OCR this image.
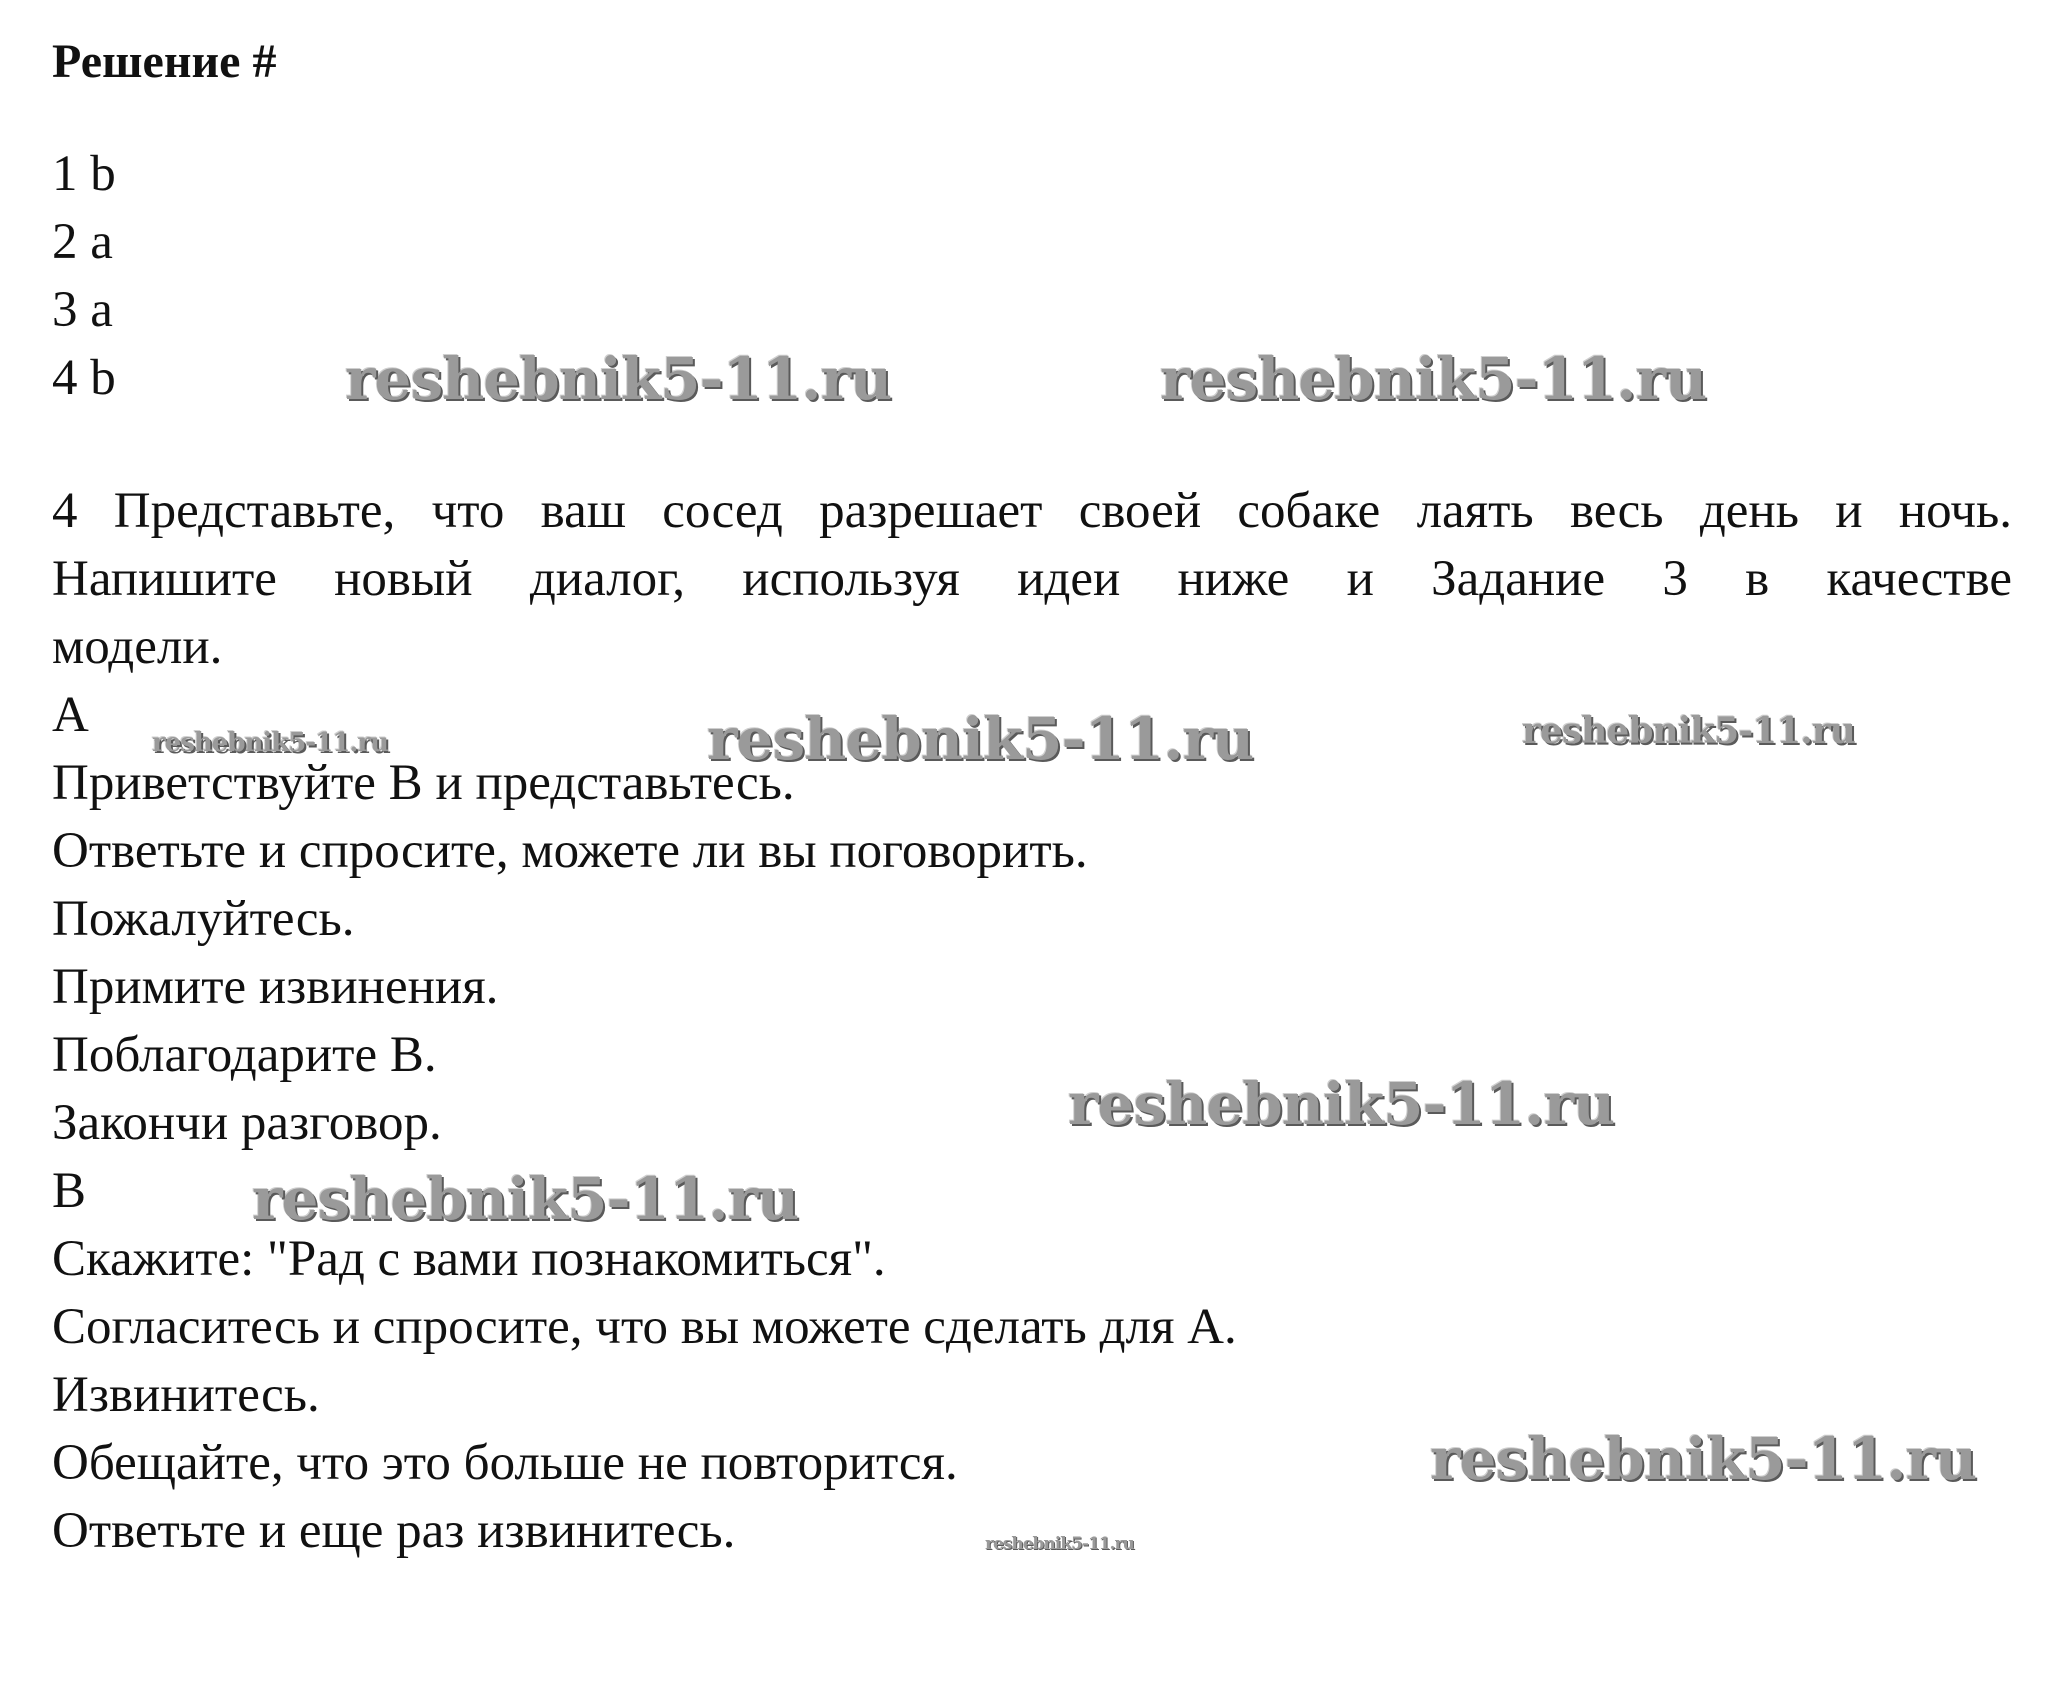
Решение #
1 b
2 a
3 a
4 b
4 Представьте, что ваш сосед разрешает своей собаке лаять весь день и ночь.
Напишите новый диалог, используя идеи ниже и Задание 3 в качестве
модели.
A
Приветствуйте B и представьтесь.
Ответьте и спросите, можете ли вы поговорить.
Пожалуйтесь.
Примите извинения.
Поблагодарите B.
Закончи разговор.
B
Скажите: "Рад с вами познакомиться".
Согласитесь и спросите, что вы можете сделать для A.
Извинитесь.
Обещайте, что это больше не повторится.
Ответьте и еще раз извинитесь.
reshebnik5-11.ru	reshebnik5-11.ru
reshebnik5-11.ru	reshebnik5-11.ru	reshebnik5-11.ru
reshebnik5-11.ru
reshebnik5-11.ru
reshebnik5-11.ru
reshebnik5-11.ru
